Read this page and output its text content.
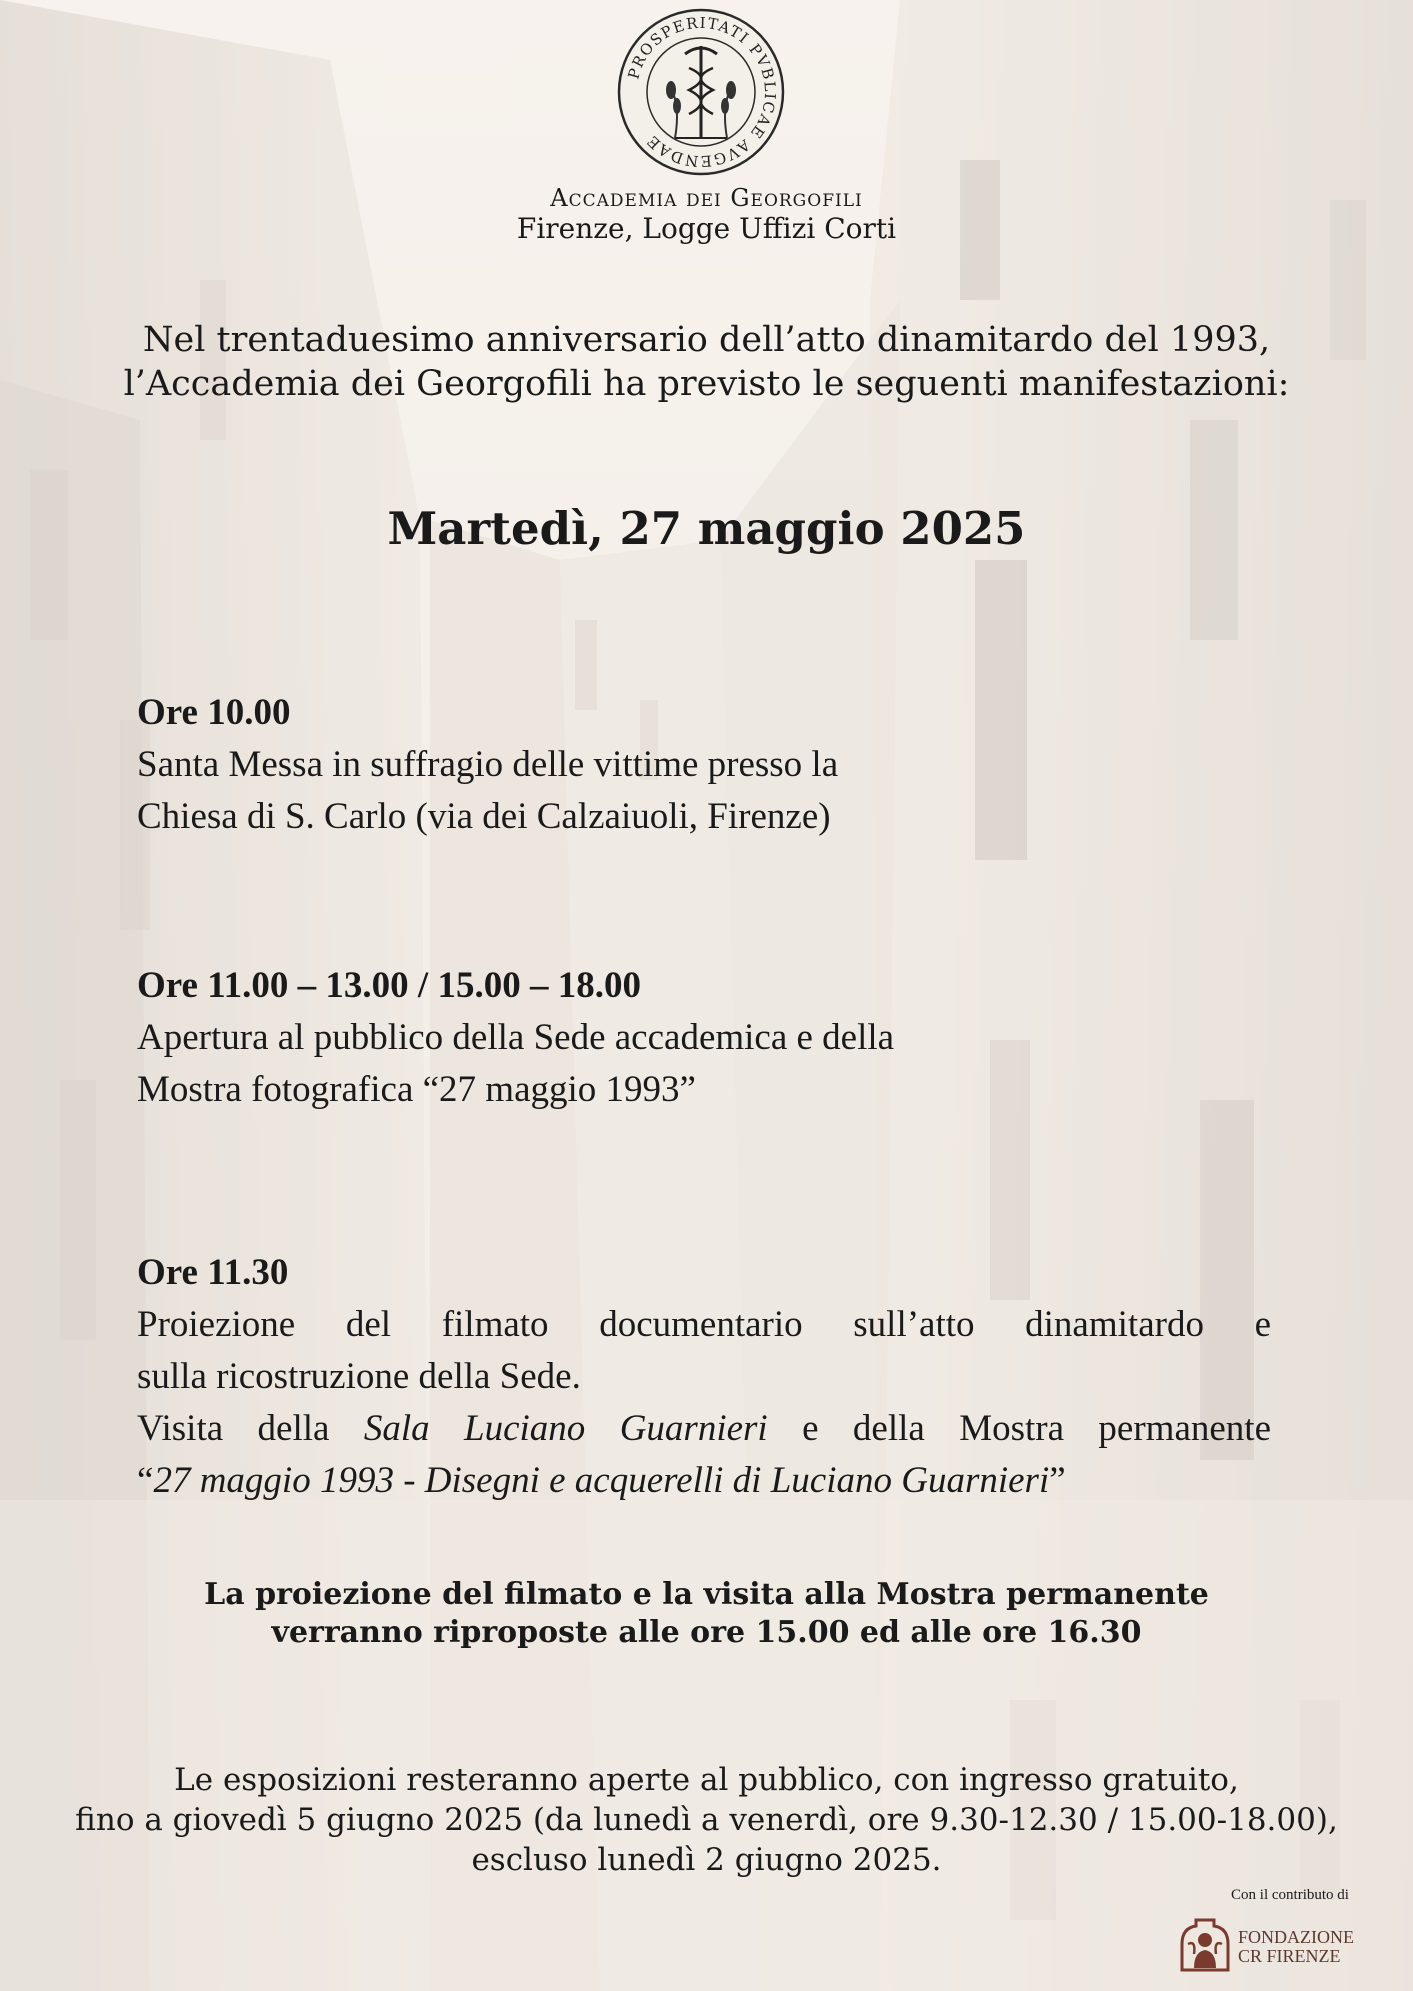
PROSPERITATI PVBLICAE AVGENDAE
Accademia dei Georgofili
Firenze, Logge Uffizi Corti
Nel trentaduesimo anniversario dell’atto dinamitardo del 1993,
l’Accademia dei Georgofili ha previsto le seguenti manifestazioni:
Martedì, 27 maggio 2025
Ore 10.00
Santa Messa in suffragio delle vittime presso la
Chiesa di S. Carlo (via dei Calzaiuoli, Firenze)
Ore 11.00 – 13.00 / 15.00 – 18.00
Apertura al pubblico della Sede accademica e della
Mostra fotografica “27 maggio 1993”
Ore 11.30
Proiezione del filmato documentario sull’atto dinamitardo e
sulla ricostruzione della Sede.
Visita della Sala Luciano Guarnieri e della Mostra permanente
“27 maggio 1993 - Disegni e acquerelli di Luciano Guarnieri”
La proiezione del filmato e la visita alla Mostra permanente
verranno riproposte alle ore 15.00 ed alle ore 16.30
Le esposizioni resteranno aperte al pubblico, con ingresso gratuito,
fino a giovedì 5 giugno 2025 (da lunedì a venerdì, ore 9.30-12.30 / 15.00-18.00),
escluso lunedì 2 giugno 2025.
Con il contributo di
FONDAZIONE
CR FIRENZE
